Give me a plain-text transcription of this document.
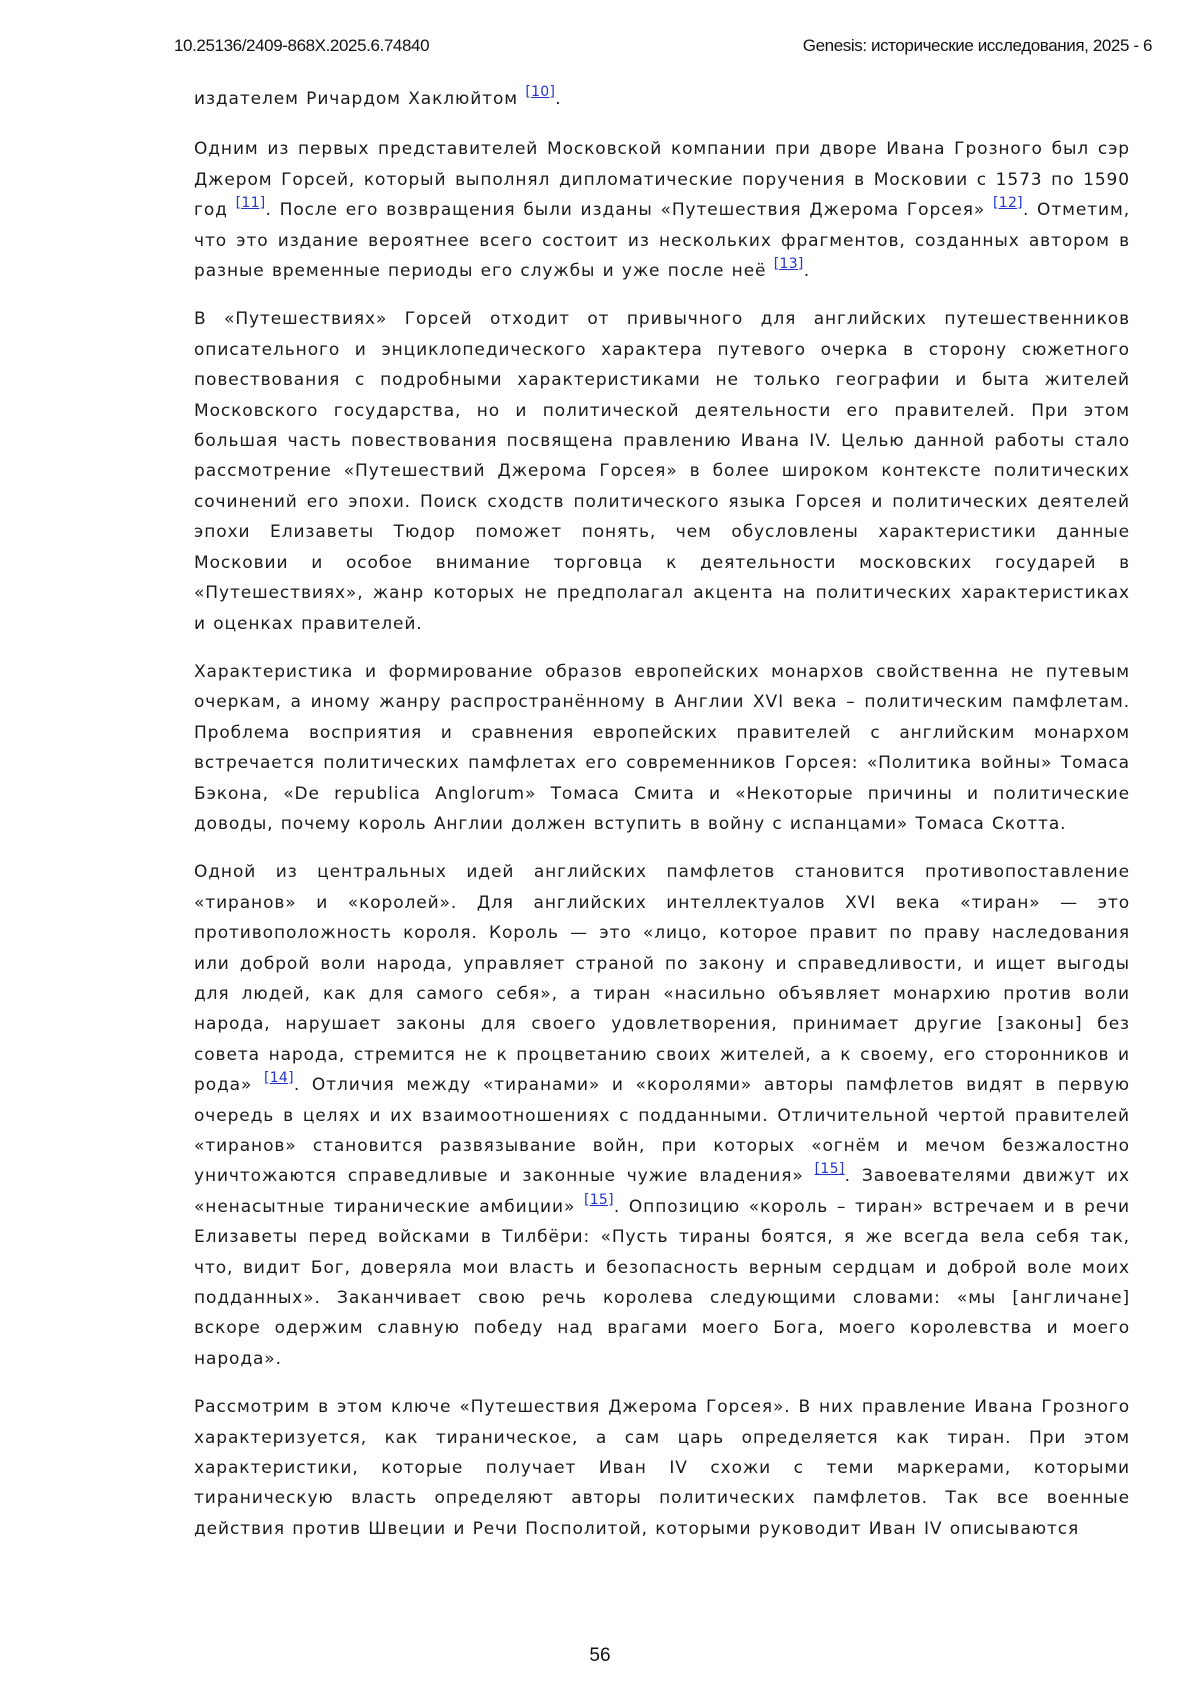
10.25136/2409-868X.2025.6.74840	Genesis: исторические исследования, 2025 - 6

издателем Ричардом Хаклюйтом [10].

Одним из первых представителей Московской компании при дворе Ивана Грозного был сэр Джером Горсей, который выполнял дипломатические поручения в Московии с 1573 по 1590 год [11]. После его возвращения были изданы «Путешествия Джерома Горсея» [12]. Отметим, что это издание вероятнее всего состоит из нескольких фрагментов, созданных автором в разные временные периоды его службы и уже после неё [13].

В «Путешествиях» Горсей отходит от привычного для английских путешественников описательного и энциклопедического характера путевого очерка в сторону сюжетного повествования с подробными характеристиками не только географии и быта жителей Московского государства, но и политической деятельности его правителей. При этом большая часть повествования посвящена правлению Ивана IV. Целью данной работы стало рассмотрение «Путешествий Джерома Горсея» в более широком контексте политических сочинений его эпохи. Поиск сходств политического языка Горсея и политических деятелей эпохи Елизаветы Тюдор поможет понять, чем обусловлены характеристики данные Московии и особое внимание торговца к деятельности московских государей в «Путешествиях», жанр которых не предполагал акцента на политических характеристиках и оценках правителей.

Характеристика и формирование образов европейских монархов свойственна не путевым очеркам, а иному жанру распространённому в Англии XVI века – политическим памфлетам. Проблема восприятия и сравнения европейских правителей с английским монархом встречается политических памфлетах его современников Горсея: «Политика войны» Томаса Бэкона, «De republica Anglorum» Томаса Смита и «Некоторые причины и политические доводы, почему король Англии должен вступить в войну с испанцами» Томаса Скотта.

Одной из центральных идей английских памфлетов становится противопоставление «тиранов» и «королей». Для английских интеллектуалов XVI века «тиран» — это противоположность короля. Король — это «лицо, которое правит по праву наследования или доброй воли народа, управляет страной по закону и справедливости, и ищет выгоды для людей, как для самого себя», а тиран «насильно объявляет монархию против воли народа, нарушает законы для своего удовлетворения, принимает другие [законы] без совета народа, стремится не к процветанию своих жителей, а к своему, его сторонников и рода» [14]. Отличия между «тиранами» и «королями» авторы памфлетов видят в первую очередь в целях и их взаимоотношениях с подданными. Отличительной чертой правителей «тиранов» становится развязывание войн, при которых «огнём и мечом безжалостно уничтожаются справедливые и законные чужие владения» [15]. Завоевателями движут их «ненасытные тиранические амбиции» [15]. Оппозицию «король – тиран» встречаем и в речи Елизаветы перед войсками в Тилбёри: «Пусть тираны боятся, я же всегда вела себя так, что, видит Бог, доверяла мои власть и безопасность верным сердцам и доброй воле моих подданных». Заканчивает свою речь королева следующими словами: «мы [англичане] вскоре одержим славную победу над врагами моего Бога, моего королевства и моего народа».

Рассмотрим в этом ключе «Путешествия Джерома Горсея». В них правление Ивана Грозного характеризуется, как тираническое, а сам царь определяется как тиран. При этом характеристики, которые получает Иван IV схожи с теми маркерами, которыми тираническую власть определяют авторы политических памфлетов. Так все военные действия против Швеции и Речи Посполитой, которыми руководит Иван IV описываются

56
